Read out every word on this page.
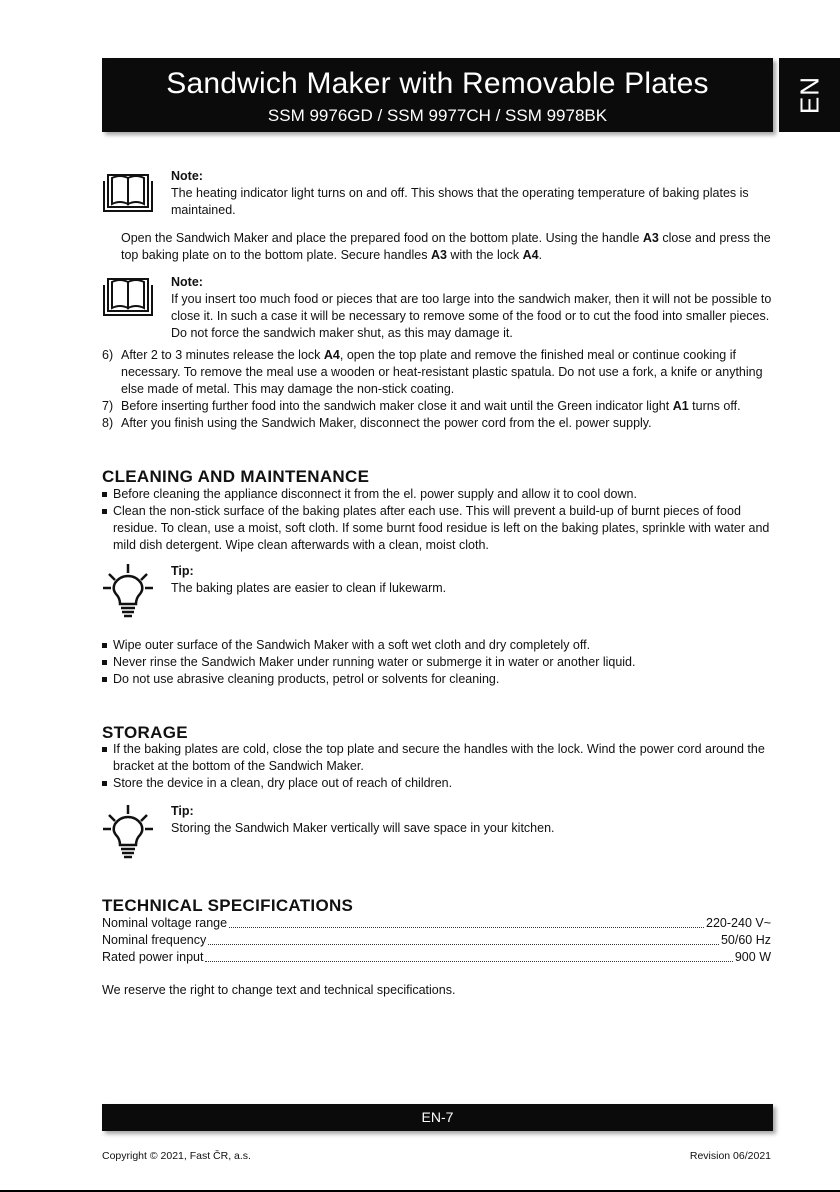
Sandwich Maker with Removable Plates
SSM 9976GD / SSM 9977CH / SSM 9978BK
EN
Note:
The heating indicator light turns on and off. This shows that the operating temperature of baking plates is maintained.
Open the Sandwich Maker and place the prepared food on the bottom plate. Using the handle A3 close and press the top baking plate on to the bottom plate. Secure handles A3 with the lock A4.
Note:
If you insert too much food or pieces that are too large into the sandwich maker, then it will not be possible to close it. In such a case it will be necessary to remove some of the food or to cut the food into smaller pieces. Do not force the sandwich maker shut, as this may damage it.
6) After 2 to 3 minutes release the lock A4, open the top plate and remove the finished meal or continue cooking if necessary. To remove the meal use a wooden or heat-resistant plastic spatula. Do not use a fork, a knife or anything else made of metal. This may damage the non-stick coating.
7) Before inserting further food into the sandwich maker close it and wait until the Green indicator light A1 turns off.
8) After you finish using the Sandwich Maker, disconnect the power cord from the el. power supply.
CLEANING AND MAINTENANCE
Before cleaning the appliance disconnect it from the el. power supply and allow it to cool down.
Clean the non-stick surface of the baking plates after each use. This will prevent a build-up of burnt pieces of food residue. To clean, use a moist, soft cloth. If some burnt food residue is left on the baking plates, sprinkle with water and mild dish detergent. Wipe clean afterwards with a clean, moist cloth.
Tip:
The baking plates are easier to clean if lukewarm.
Wipe outer surface of the Sandwich Maker with a soft wet cloth and dry completely off.
Never rinse the Sandwich Maker under running water or submerge it in water or another liquid.
Do not use abrasive cleaning products, petrol or solvents for cleaning.
STORAGE
If the baking plates are cold, close the top plate and secure the handles with the lock. Wind the power cord around the bracket at the bottom of the Sandwich Maker.
Store the device in a clean, dry place out of reach of children.
Tip:
Storing the Sandwich Maker vertically will save space in your kitchen.
TECHNICAL SPECIFICATIONS
Nominal voltage range	220-240 V~
Nominal frequency	50/60 Hz
Rated power input	900 W
We reserve the right to change text and technical specifications.
EN-7
Copyright © 2021, Fast ČR, a.s.	Revision 06/2021
